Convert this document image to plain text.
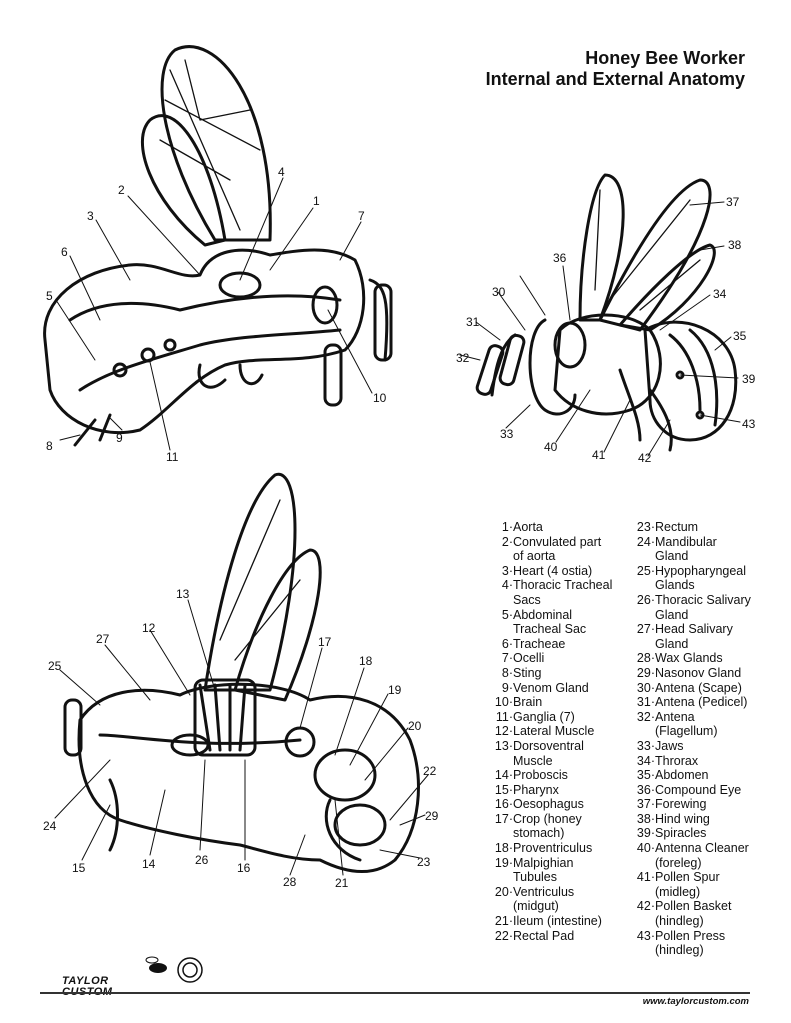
Honey Bee Worker
Internal and External Anatomy
1
2
3
4
5
6
7
8
9
10
11
12
13
14
15	16
17
18
19
20
21
22
23
24
25
26
27
28
29
30
31
32
33
34
35
36
37
38
39
40
41	42
43
1· Aorta
2· Convulated part
of aorta
3· Heart (4 ostia)
4· Thoracic Tracheal
Sacs
5· Abdominal
Tracheal Sac
6· Tracheae
7· Ocelli
8· Sting
9· Venom Gland
10· Brain
11· Ganglia (7)
12· Lateral Muscle
13· Dorsoventral
Muscle
14· Proboscis
15· Pharynx
16· Oesophagus
17· Crop (honey
stomach)
18· Proventriculus
19· Malpighian
Tubules
20· Ventriculus
(midgut)
21· Ileum (intestine)
22· Rectal Pad
23· Rectum
24· Mandibular
Gland
25· Hypopharyngeal
Glands
26· Thoracic Salivary
Gland
27· Head Salivary
Gland
28· Wax Glands
29· Nasonov Gland
30· Antena (Scape)
31· Antena (Pedicel)
32· Antena
(Flagellum)
33· Jaws
34· Throrax
35· Abdomen
36· Compound Eye
37· Forewing
38· Hind wing
39· Spiracles
40· Antenna Cleaner
(foreleg)
41· Pollen Spur
(midleg)
42· Pollen Basket
(hindleg)
43· Pollen Press
(hindleg)
TAYLOR
www.taylorcustom.com
